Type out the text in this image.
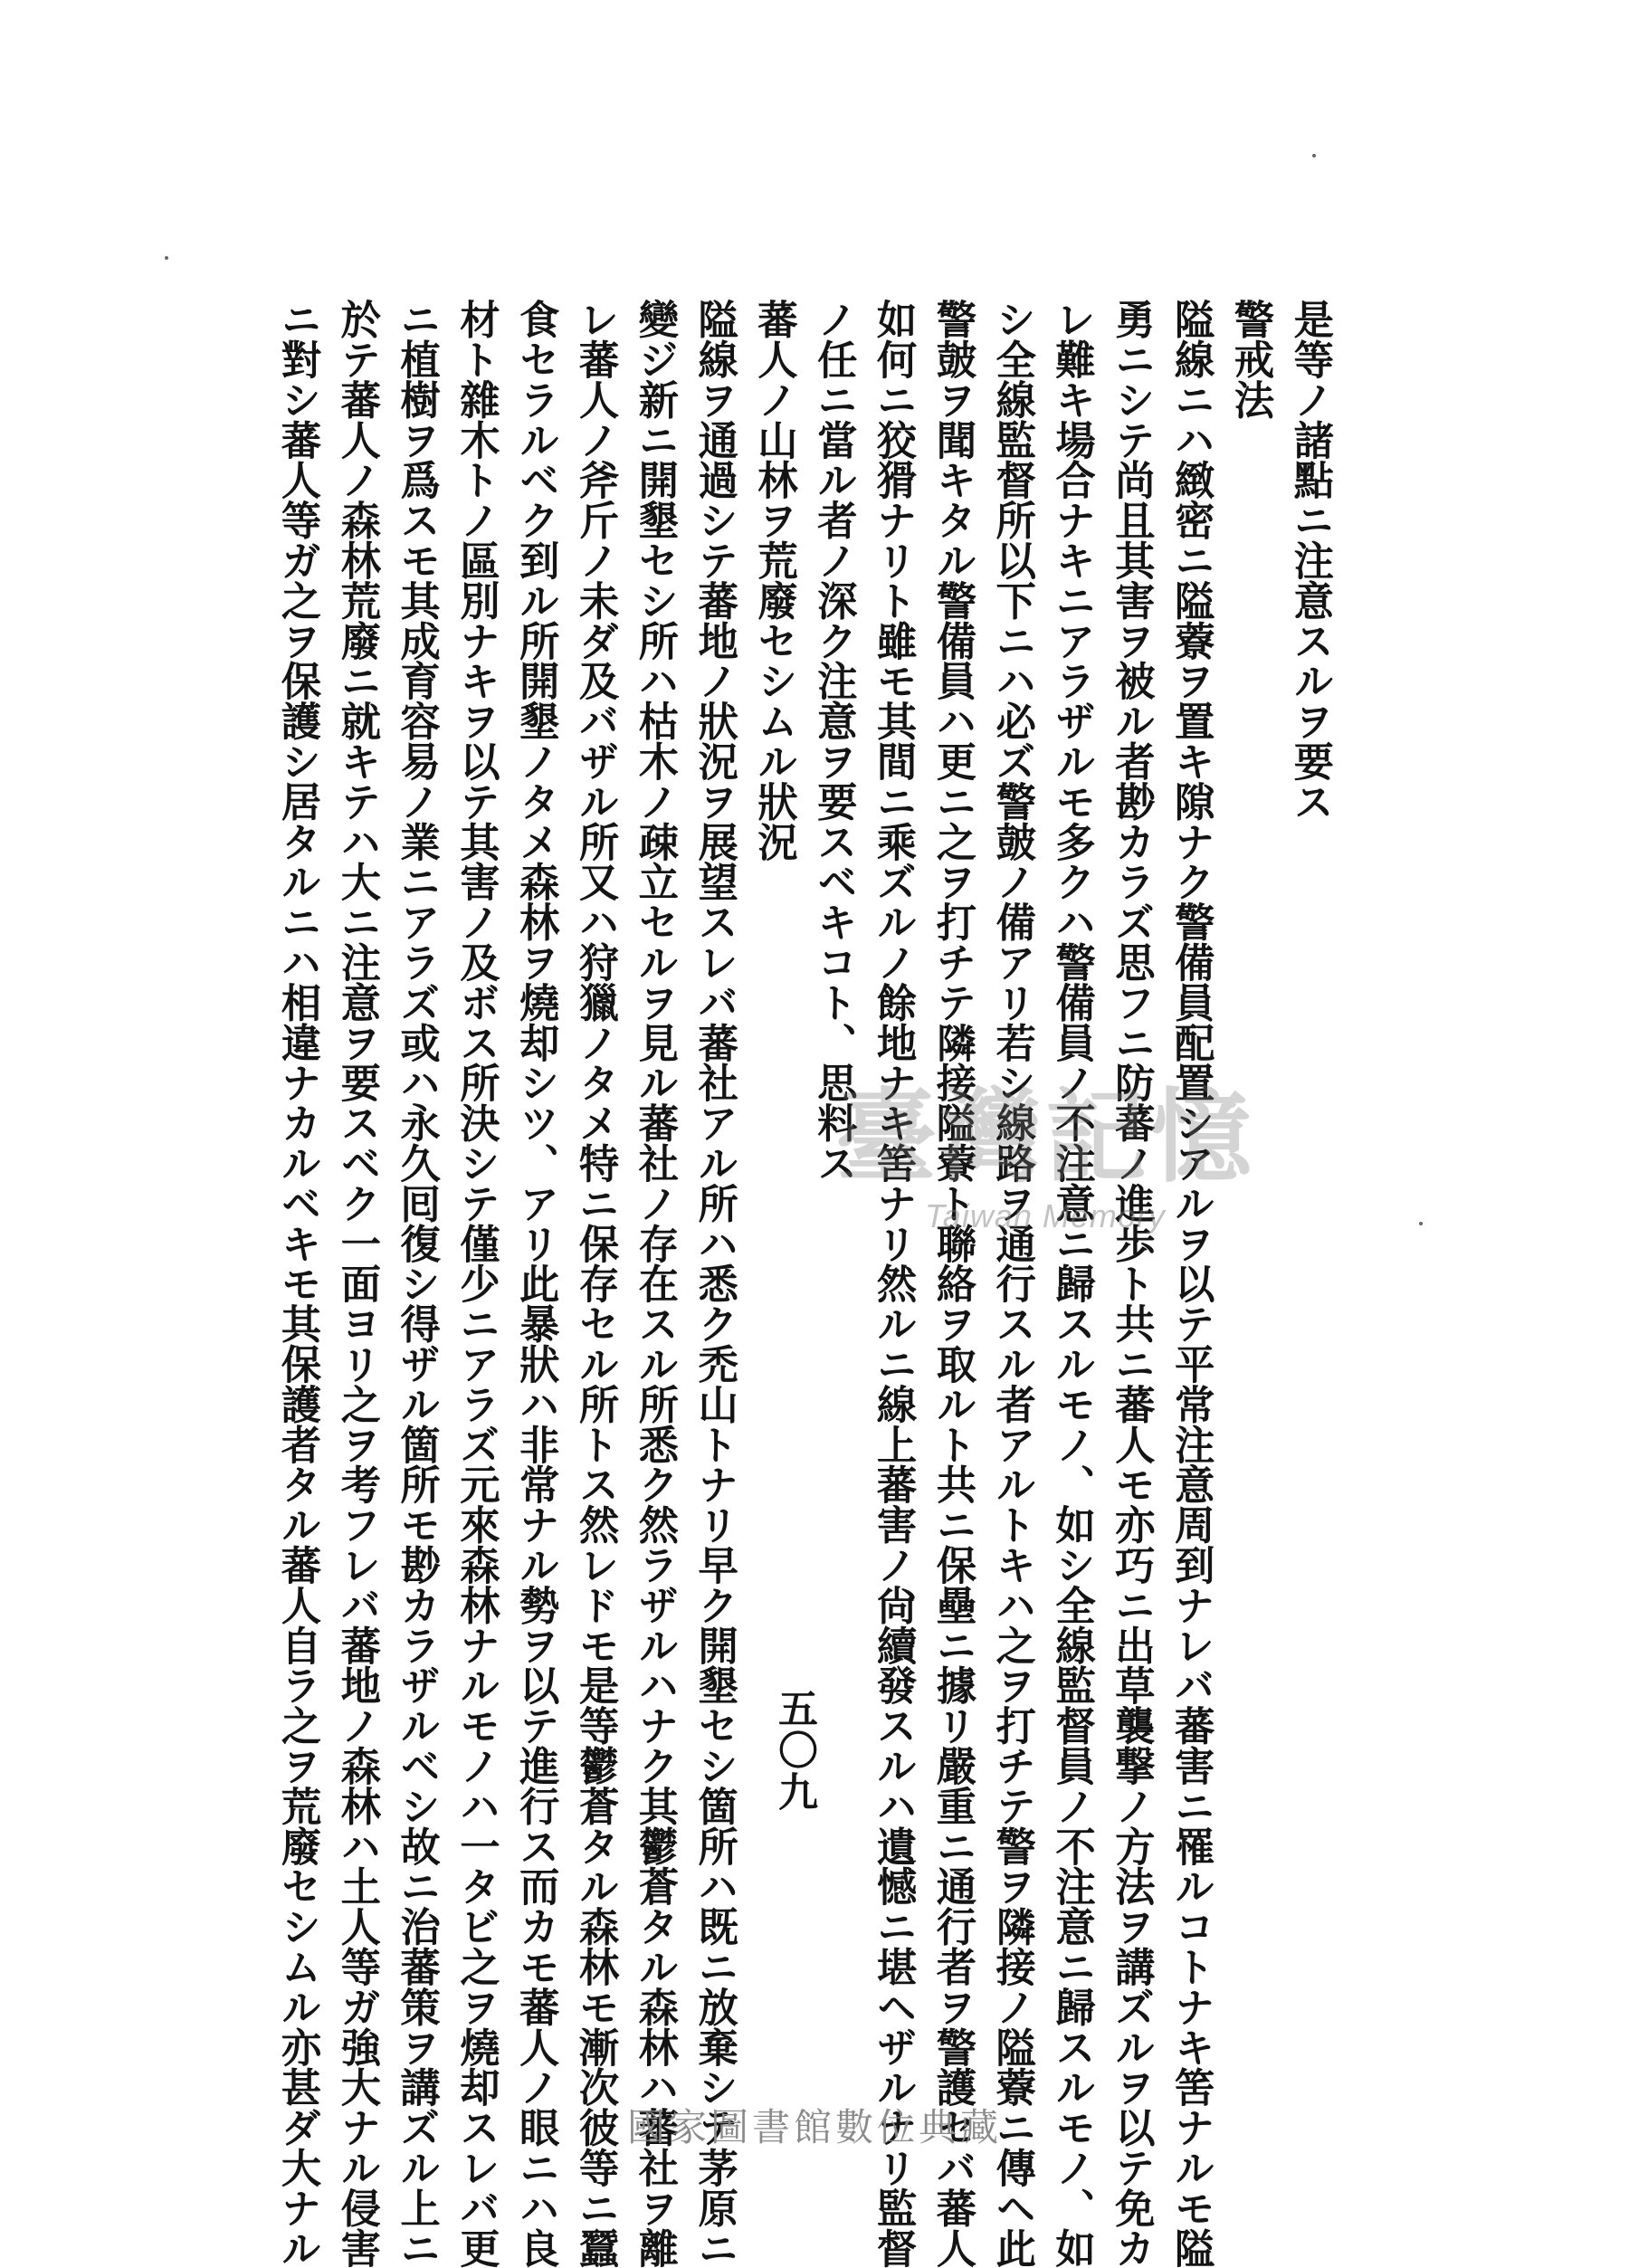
是等ノ諸點ニ注意スルヲ要ス
警戒法
隘線ニハ緻密ニ隘藔ヲ置キ隙ナク警備員配置シアルヲ以テ平常注意周到ナレバ蕃害ニ罹ルコトナキ筈ナルモ隘
勇ニシテ尚且其害ヲ被ル者尠カラズ思フニ防蕃ノ進歩ト共ニ蕃人モ亦巧ニ出草襲撃ノ方法ヲ講ズルヲ以テ免カ
レ難キ場合ナキニアラザルモ多クハ警備員ノ不注意ニ歸スルモノ、如シ全線監督員ノ不注意ニ歸スルモノ、如
シ全線監督所以下ニハ必ズ警皷ノ備アリ若シ線路ヲ通行スル者アルトキハ之ヲ打チテ警ヲ隣接ノ隘藔ニ傳ヘ此
警皷ヲ聞キタル警備員ハ更ニ之ヲ打チテ隣接隘藔ト聯絡ヲ取ルト共ニ保壘ニ據リ嚴重ニ通行者ヲ警護セバ蕃人
如何ニ狡猾ナリト雖モ其間ニ乘ズルノ餘地ナキ筈ナリ然ルニ線上蕃害ノ尙續發スルハ遺憾ニ堪ヘザルナリ監督
ノ任ニ當ル者ノ深ク注意ヲ要スベキコト、思料ス
蕃人ノ山林ヲ荒廢セシムル狀況
隘線ヲ通過シテ蕃地ノ狀況ヲ展望スレバ蕃社アル所ハ悉ク禿山トナリ早ク開墾セシ箇所ハ既ニ放棄シテ茅原ニ
變ジ新ニ開墾セシ所ハ枯木ノ疎立セルヲ見ル蕃社ノ存在スル所悉ク然ラザルハナク其鬱蒼タル森林ハ蕃社ヲ離
レ蕃人ノ斧斤ノ未ダ及バザル所又ハ狩獵ノタメ特ニ保存セル所トス然レドモ是等鬱蒼タル森林モ漸次彼等ニ蠶
食セラルベク到ル所開墾ノタメ森林ヲ燒却シツ、アリ此暴狀ハ非常ナル勢ヲ以テ進行ス而カモ蕃人ノ眼ニハ良
材ト雜木トノ區別ナキヲ以テ其害ノ及ボス所決シテ僅少ニアラズ元來森林ナルモノハ一タビ之ヲ燒却スレバ更
ニ植樹ヲ爲スモ其成育容易ノ業ニアラズ或ハ永久囘復シ得ザル箇所モ尠カラザルベシ故ニ治蕃策ヲ講ズル上ニ
於テ蕃人ノ森林荒廢ニ就キテハ大ニ注意ヲ要スベク一面ヨリ之ヲ考フレバ蕃地ノ森林ハ土人等ガ強大ナル侵害
ニ對シ蕃人等ガ之ヲ保護シ居タルニハ相違ナカルベキモ其保護者タル蕃人自ラ之ヲ荒廢セシムル亦甚ダ大ナル	五〇九
臺灣記憶
Taiwan Memory
國家圖書館數位典藏
